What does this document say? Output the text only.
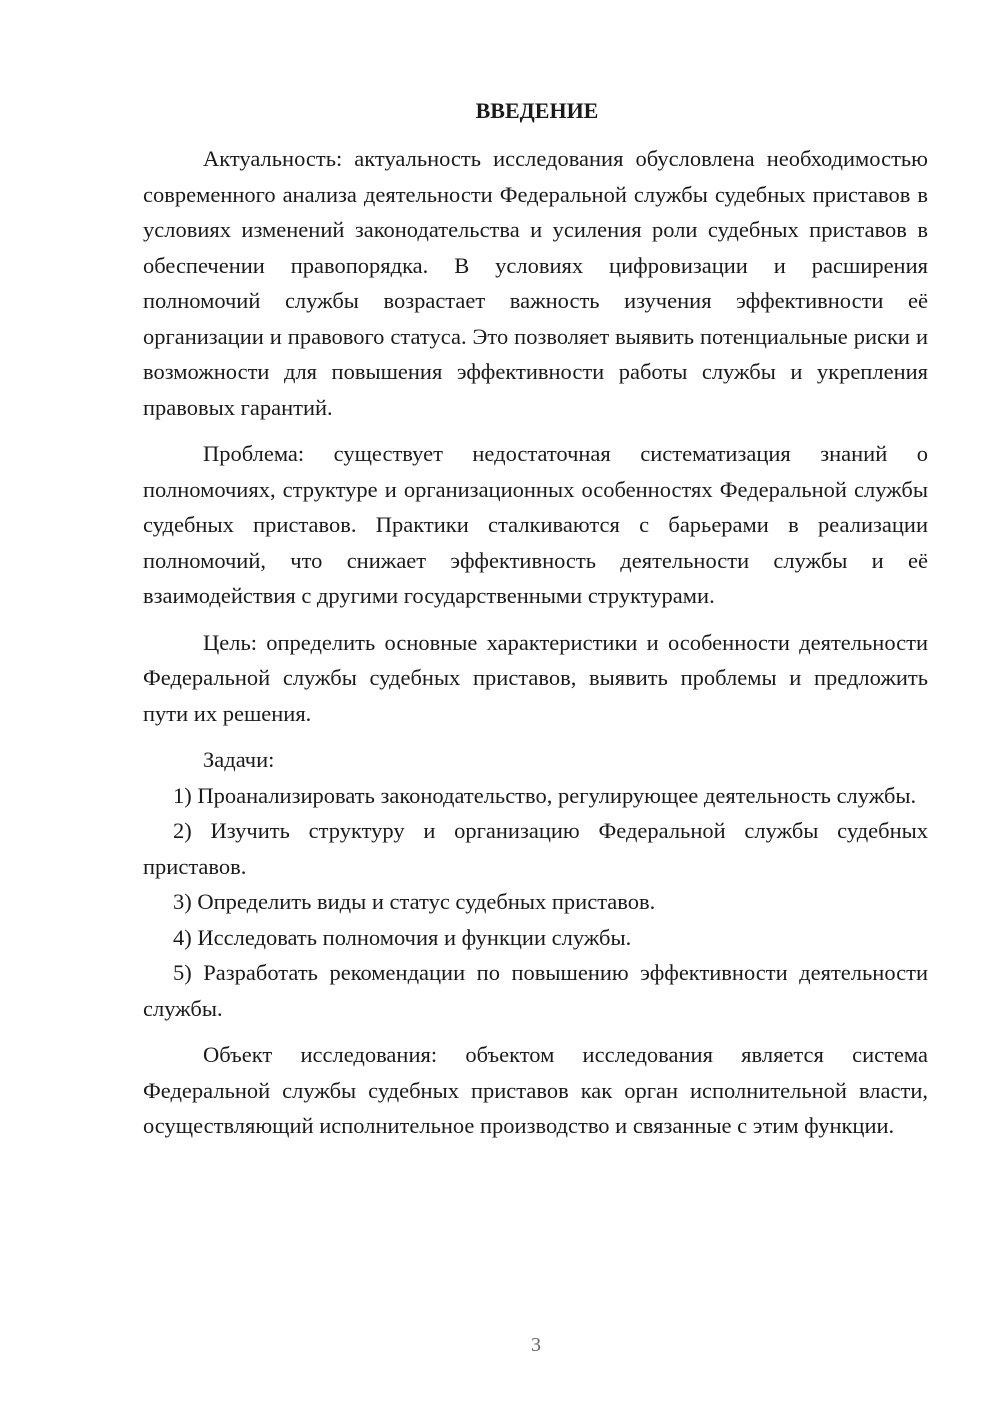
ВВЕДЕНИЕ

Актуальность: актуальность исследования обусловлена необходимостью современного анализа деятельности Федеральной службы судебных приставов в условиях изменений законодательства и усиления роли судебных приставов в обеспечении правопорядка. В условиях цифровизации и расширения полномочий службы возрастает важность изучения эффективности её организации и правового статуса. Это позволяет выявить потенциальные риски и возможности для повышения эффективности работы службы и укрепления правовых гарантий.

Проблема: существует недостаточная систематизация знаний о полномочиях, структуре и организационных особенностях Федеральной службы судебных приставов. Практики сталкиваются с барьерами в реализации полномочий, что снижает эффективность деятельности службы и её взаимодействия с другими государственными структурами.

Цель: определить основные характеристики и особенности деятельности Федеральной службы судебных приставов, выявить проблемы и предложить пути их решения.

Задачи:

1) Проанализировать законодательство, регулирующее деятельность службы.

2) Изучить структуру и организацию Федеральной службы судебных приставов.

3) Определить виды и статус судебных приставов.

4) Исследовать полномочия и функции службы.

5) Разработать рекомендации по повышению эффективности деятельности службы.

Объект исследования: объектом исследования является система Федеральной службы судебных приставов как орган исполнительной власти, осуществляющий исполнительное производство и связанные с этим функции.

3
